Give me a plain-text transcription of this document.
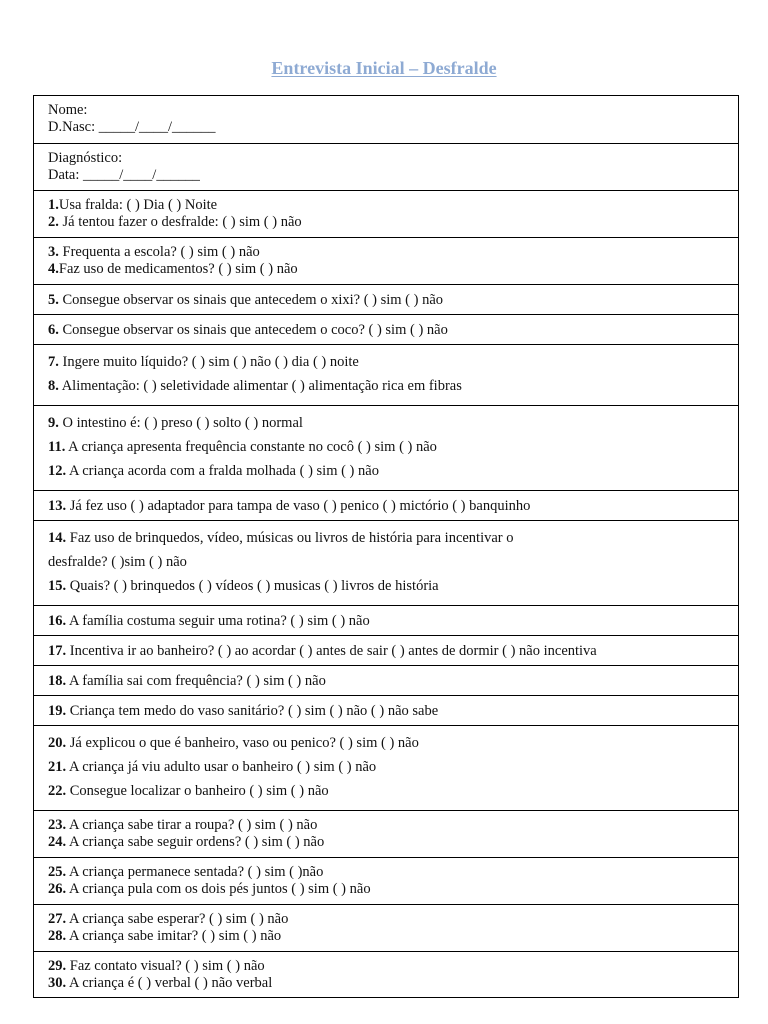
Entrevista Inicial – Desfralde
Nome:
D.Nasc: _____/____/______
Diagnóstico:
Data: _____/____/______
1.Usa fralda: ( ) Dia ( ) Noite
2. Já tentou fazer o desfralde: ( ) sim ( ) não
3. Frequenta a escola? ( ) sim ( ) não
4.Faz uso de medicamentos? ( ) sim ( ) não
5. Consegue observar os sinais que antecedem o xixi? ( ) sim ( ) não
6. Consegue observar os sinais que antecedem o coco? ( ) sim ( ) não
7. Ingere muito líquido? ( ) sim ( ) não ( ) dia ( ) noite
8. Alimentação: ( ) seletividade alimentar ( ) alimentação rica em fibras
9. O intestino é: ( ) preso ( ) solto ( ) normal
11. A criança apresenta frequência constante no cocô ( ) sim ( ) não
12. A criança acorda com a fralda molhada ( ) sim ( ) não
13. Já fez uso ( ) adaptador para tampa de vaso ( ) penico ( ) mictório ( ) banquinho
14. Faz uso de brinquedos, vídeo, músicas ou livros de história para incentivar o
desfralde? ( )sim ( ) não
15. Quais? ( ) brinquedos ( ) vídeos ( ) musicas ( ) livros de história
16. A família costuma seguir uma rotina? ( ) sim ( ) não
17. Incentiva ir ao banheiro? ( ) ao acordar ( ) antes de sair ( ) antes de dormir ( ) não incentiva
18. A família sai com frequência? ( ) sim ( ) não
19. Criança tem medo do vaso sanitário? ( ) sim ( ) não ( ) não sabe
20. Já explicou o que é banheiro, vaso ou penico? ( ) sim ( ) não
21. A criança já viu adulto usar o banheiro ( ) sim ( ) não
22. Consegue localizar o banheiro ( ) sim ( ) não
23. A criança sabe tirar a roupa? ( ) sim ( ) não
24. A criança sabe seguir ordens? ( ) sim ( ) não
25. A criança permanece sentada? ( ) sim ( )não
26. A criança pula com os dois pés juntos ( ) sim ( ) não
27. A criança sabe esperar? ( ) sim ( ) não
28. A criança sabe imitar? ( ) sim ( ) não
29. Faz contato visual? ( ) sim ( ) não
30. A criança é ( ) verbal ( ) não verbal
